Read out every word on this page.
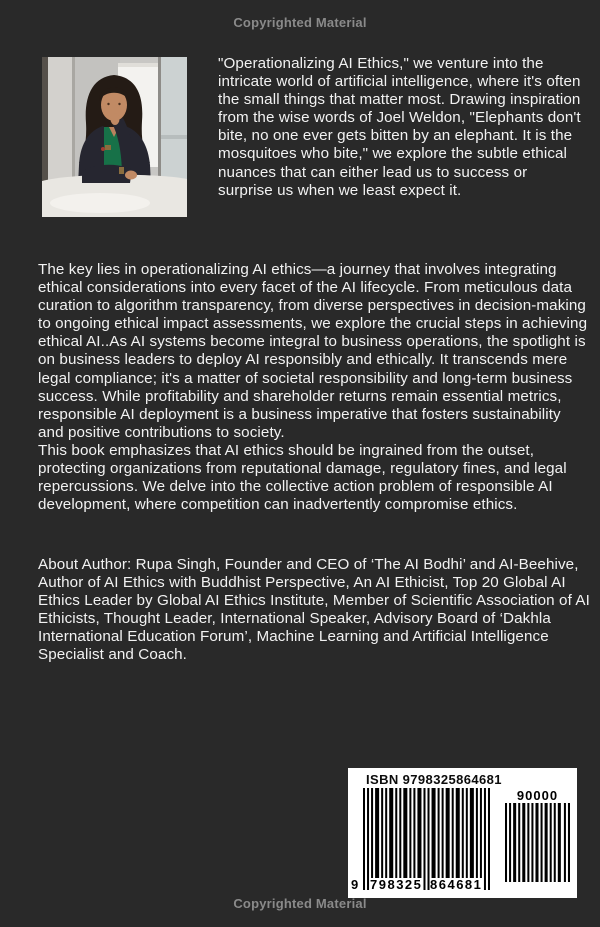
Copyrighted Material
"Operationalizing AI Ethics," we venture into the intricate world of artificial intelligence, where it's often the small things that matter most. Drawing inspiration from the wise words of Joel Weldon, "Elephants don't bite, no one ever gets bitten by an elephant. It is the mosquitoes who bite," we explore the subtle ethical nuances that can either lead us to success or surprise us when we least expect it.

The key lies in operationalizing AI ethics—a journey that involves integrating ethical considerations into every facet of the AI lifecycle. From meticulous data curation to algorithm transparency, from diverse perspectives in decision-making to ongoing ethical impact assessments, we explore the crucial steps in achieving ethical AI..As AI systems become integral to business operations, the spotlight is on business leaders to deploy AI responsibly and ethically. It transcends mere legal compliance; it's a matter of societal responsibility and long-term business success. While profitability and shareholder returns remain essential metrics, responsible AI deployment is a business imperative that fosters sustainability and positive contributions to society.

This book emphasizes that AI ethics should be ingrained from the outset, protecting organizations from reputational damage, regulatory fines, and legal repercussions. We delve into the collective action problem of responsible AI development, where competition can inadvertently compromise ethics.

About Author: Rupa Singh, Founder and CEO of ‘The AI Bodhi’ and AI-Beehive, Author of AI Ethics with Buddhist Perspective, An AI Ethicist, Top 20 Global AI Ethics Leader by Global AI Ethics Institute, Member of Scientific Association of AI Ethicists, Thought Leader, International Speaker, Advisory Board of ‘Dakhla International Education Forum’, Machine Learning and Artificial Intelligence Specialist and Coach.
ISBN 9798325864681
9 798325 864681
90000
Copyrighted Material
